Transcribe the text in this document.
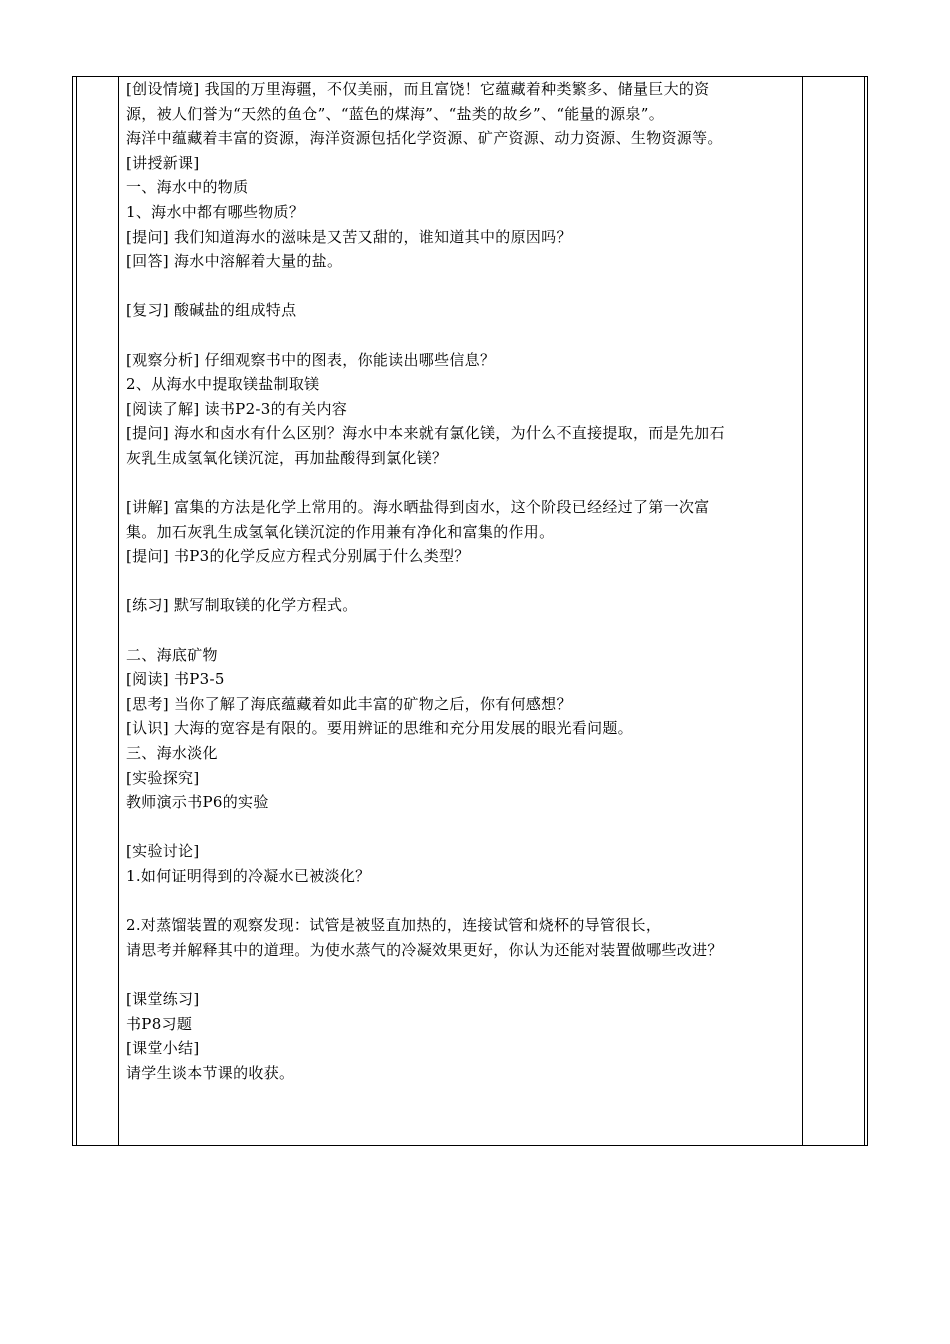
[创设情境] 我国的万里海疆，不仅美丽，而且富饶！它蕴藏着种类繁多、储量巨大的资
源，被人们誉为“天然的鱼仓”、“蓝色的煤海”、“盐类的故乡”、“能量的源泉”。
海洋中蕴藏着丰富的资源，海洋资源包括化学资源、矿产资源、动力资源、生物资源等。
[讲授新课]
一、海水中的物质
1、海水中都有哪些物质？
[提问] 我们知道海水的滋味是又苦又甜的，谁知道其中的原因吗？
[回答] 海水中溶解着大量的盐。
[复习] 酸碱盐的组成特点
[观察分析] 仔细观察书中的图表，你能读出哪些信息？
2、从海水中提取镁盐制取镁
[阅读了解] 读书P2-3的有关内容
[提问] 海水和卤水有什么区别？海水中本来就有氯化镁，为什么不直接提取，而是先加石
灰乳生成氢氧化镁沉淀，再加盐酸得到氯化镁？
[讲解] 富集的方法是化学上常用的。海水晒盐得到卤水，这个阶段已经经过了第一次富
集。加石灰乳生成氢氧化镁沉淀的作用兼有净化和富集的作用。
[提问] 书P3的化学反应方程式分别属于什么类型？
[练习] 默写制取镁的化学方程式。
二、海底矿物
[阅读] 书P3-5
[思考] 当你了解了海底蕴藏着如此丰富的矿物之后，你有何感想？
[认识] 大海的宽容是有限的。要用辨证的思维和充分用发展的眼光看问题。
三、海水淡化
[实验探究]
教师演示书P6的实验
[实验讨论]
1.如何证明得到的冷凝水已被淡化？
2.对蒸馏装置的观察发现：试管是被竖直加热的，连接试管和烧杯的导管很长，
请思考并解释其中的道理。为使水蒸气的冷凝效果更好，你认为还能对装置做哪些改进？
[课堂练习]
书P8习题
[课堂小结]
请学生谈本节课的收获。
